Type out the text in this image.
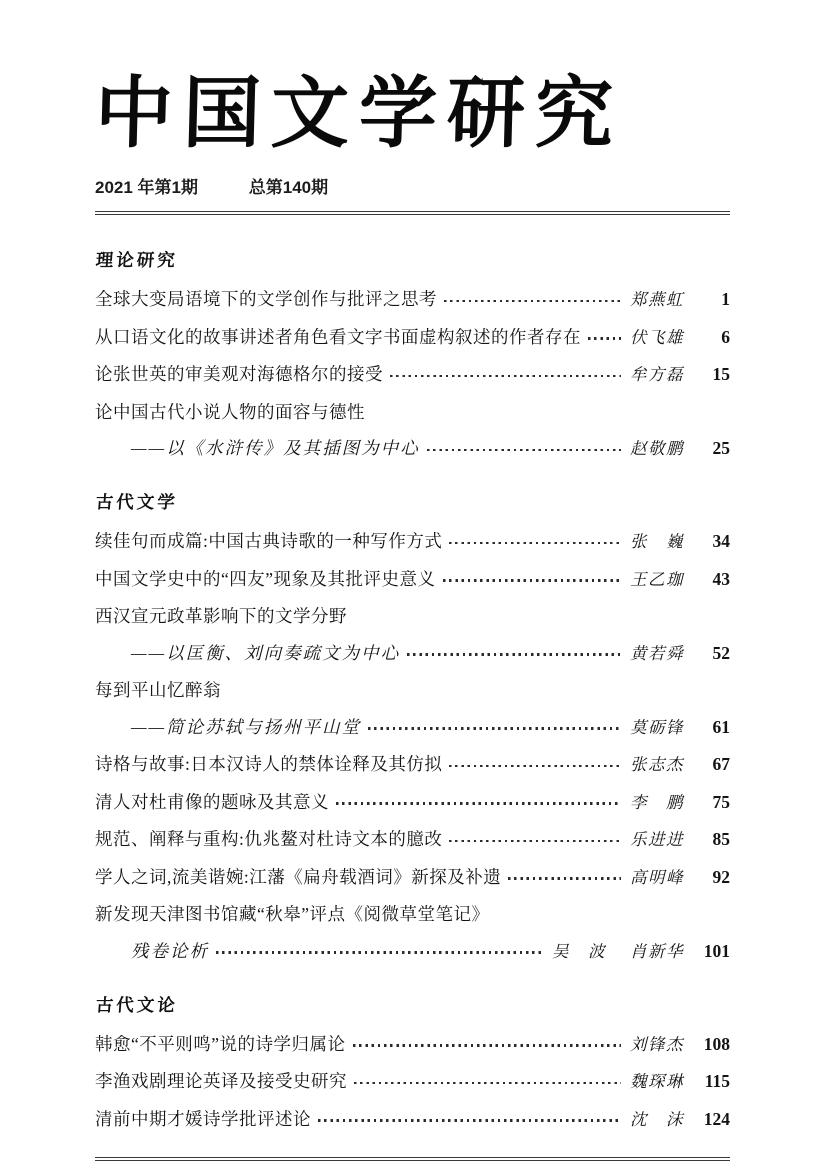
中国文学研究
2021 年第1期	总第140期
理论研究
全球大变局语境下的文学创作与批评之思考	郑燕虹	1
从口语文化的故事讲述者角色看文字书面虚构叙述的作者存在	伏飞雄	6
论张世英的审美观对海德格尔的接受	牟方磊	15
论中国古代小说人物的面容与德性
——以《水浒传》及其插图为中心	赵敬鹏	25
古代文学
续佳句而成篇:中国古典诗歌的一种写作方式	张　巍	34
中国文学史中的“四友”现象及其批评史意义	王乙珈	43
西汉宣元政革影响下的文学分野
——以匡衡、刘向奏疏文为中心	黄若舜	52
每到平山忆醉翁
——简论苏轼与扬州平山堂	莫砺锋	61
诗格与故事:日本汉诗人的禁体诠释及其仿拟	张志杰	67
清人对杜甫像的题咏及其意义	李　鹏	75
规范、阐释与重构:仇兆鳌对杜诗文本的臆改	乐进进	85
学人之词,流美谐婉:江藩《扁舟载酒词》新探及补遗	高明峰	92
新发现天津图书馆藏“秋皋”评点《阅微草堂笔记》
残卷论析	吴　波 肖新华	101
古代文论
韩愈“不平则鸣”说的诗学归属论	刘锋杰	108
李渔戏剧理论英译及接受史研究	魏琛琳	115
清前中期才媛诗学批评述论	沈　沫	124
